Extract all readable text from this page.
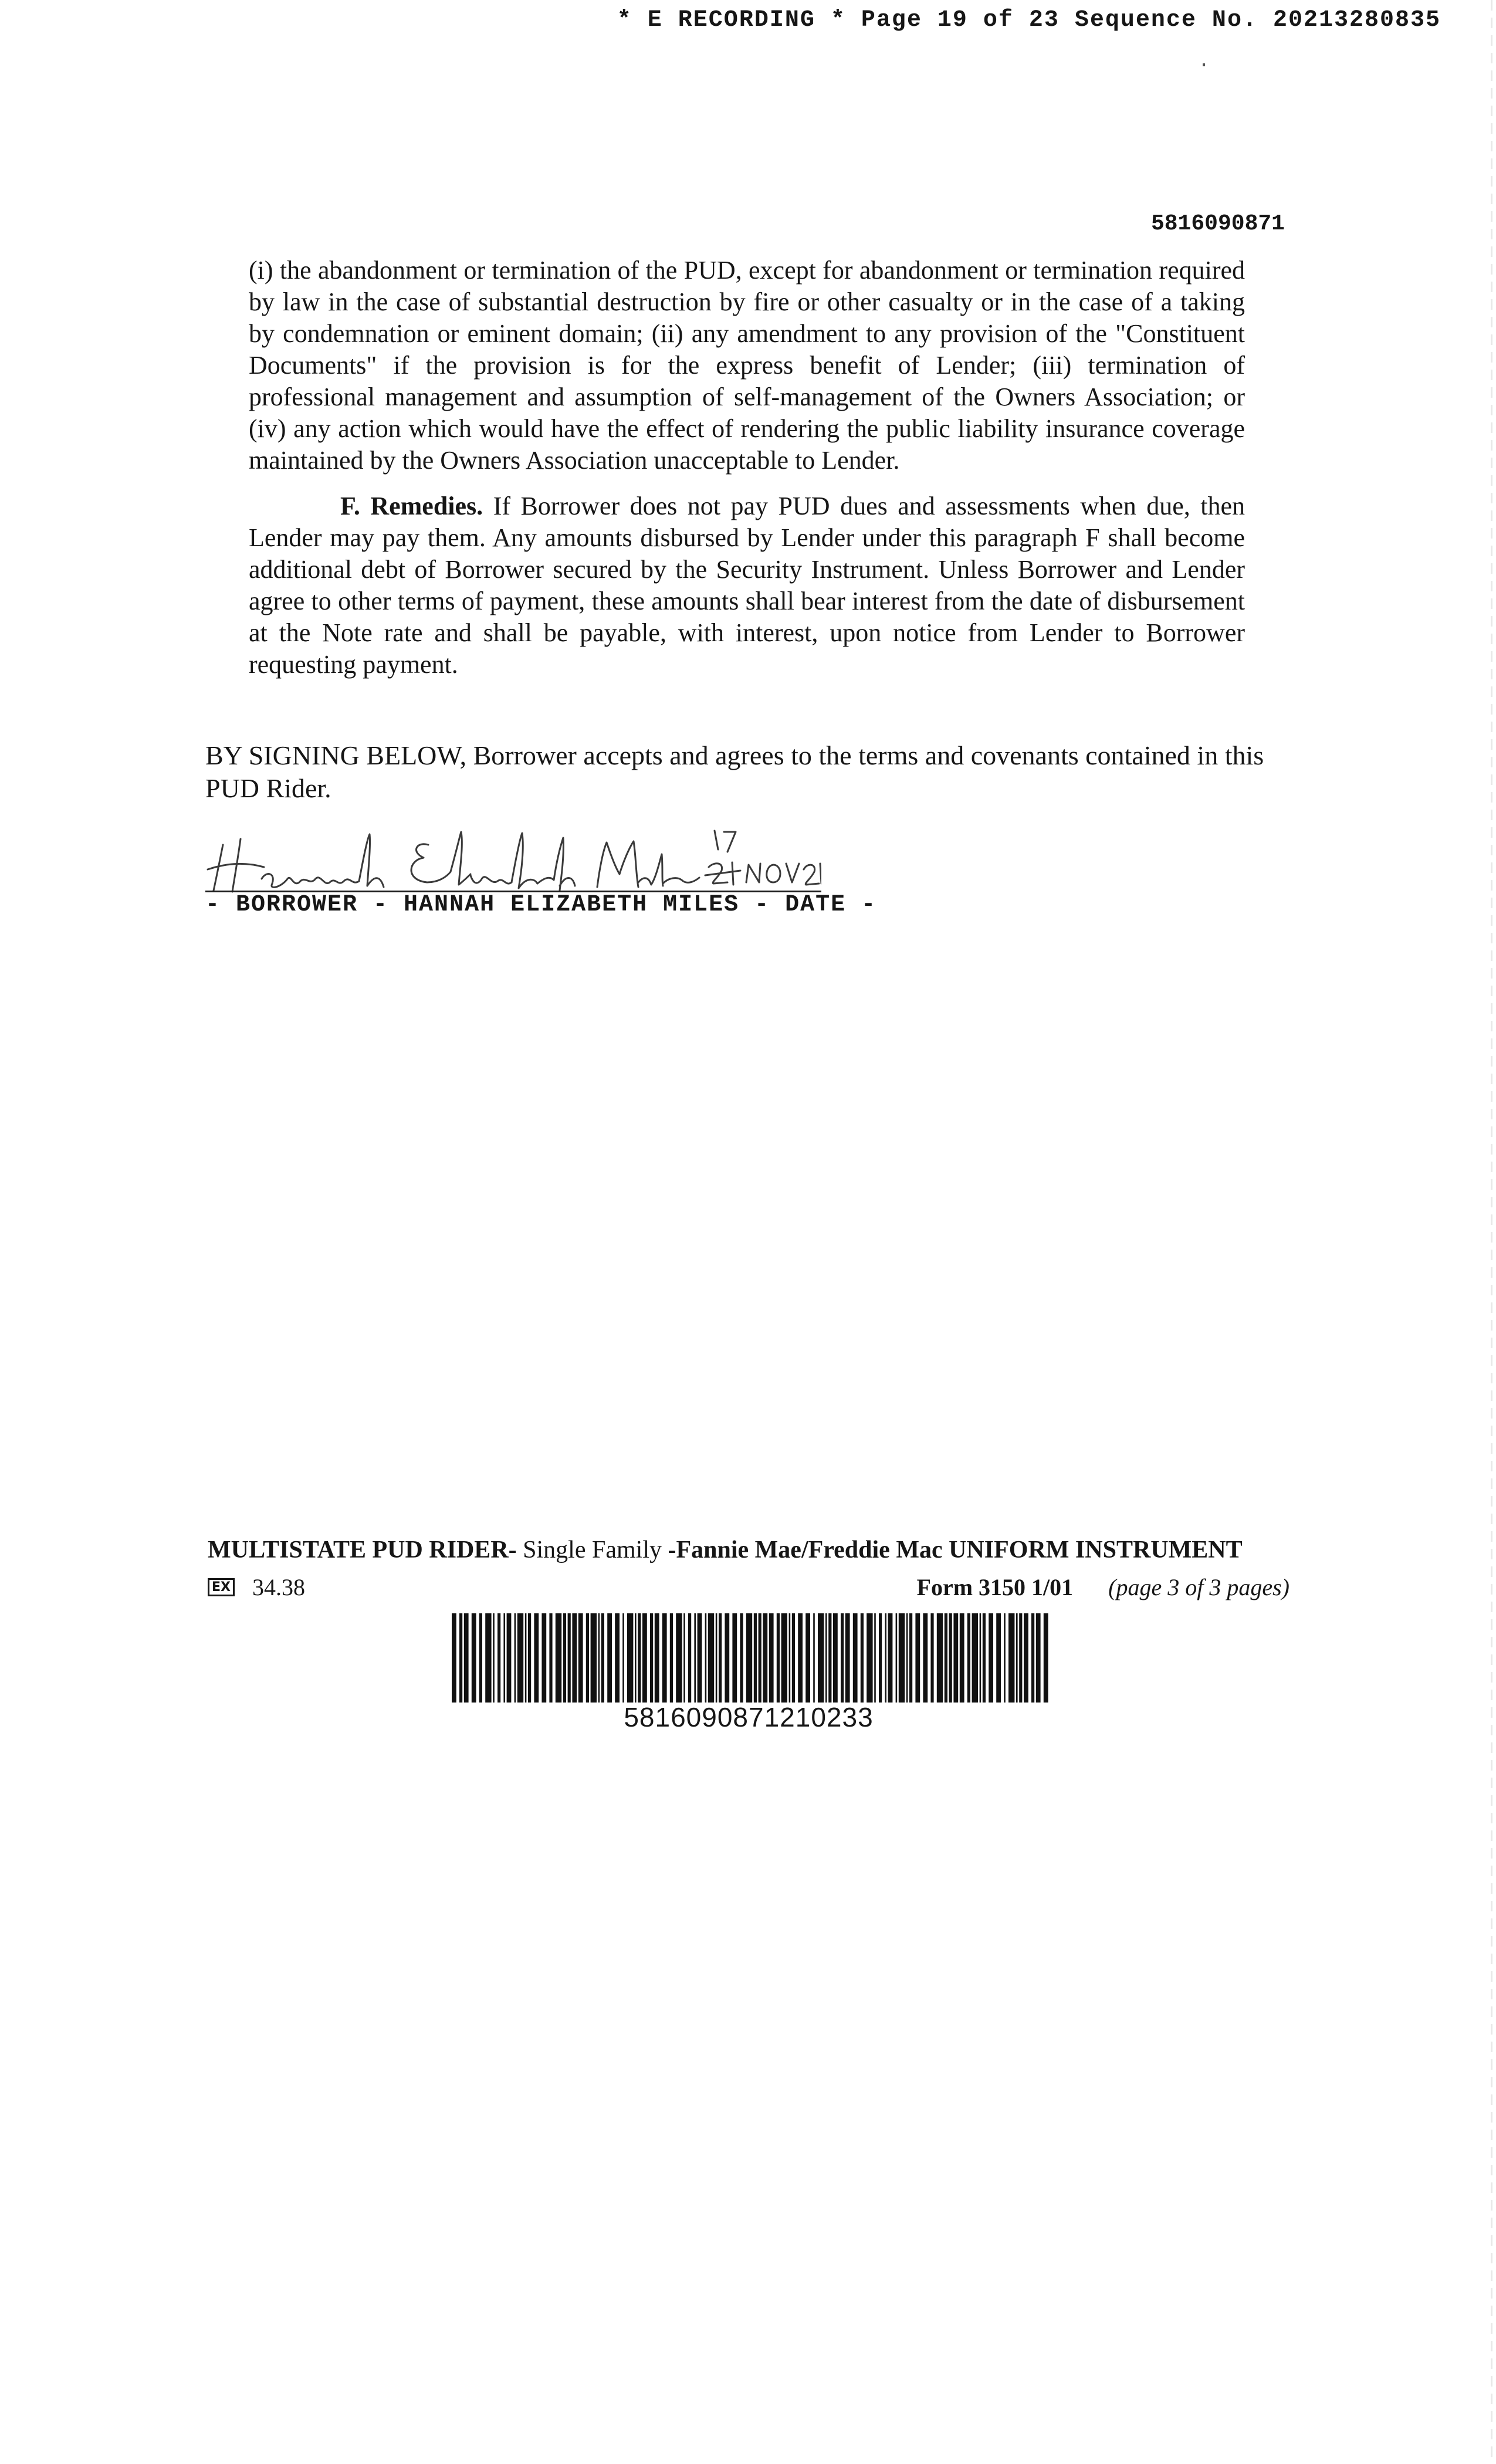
* E RECORDING * Page 19 of 23 Sequence No. 20213280835
5816090871
(i) the abandonment or termination of the PUD, except for abandonment or termination required by law in the case of substantial destruction by fire or other casualty or in the case of a taking by condemnation or eminent domain; (ii) any amendment to any provision of the "Constituent Documents" if the provision is for the express benefit of Lender; (iii) termination of professional management and assumption of self-management of the Owners Association; or (iv) any action which would have the effect of rendering the public liability insurance coverage maintained by the Owners Association unacceptable to Lender.
F. Remedies. If Borrower does not pay PUD dues and assessments when due, then Lender may pay them. Any amounts disbursed by Lender under this paragraph F shall become additional debt of Borrower secured by the Security Instrument. Unless Borrower and Lender agree to other terms of payment, these amounts shall bear interest from the date of disbursement at the Note rate and shall be payable, with interest, upon notice from Lender to Borrower requesting payment.
BY SIGNING BELOW, Borrower accepts and agrees to the terms and covenants contained in this PUD Rider.
- BORROWER - HANNAH ELIZABETH MILES - DATE -
MULTISTATE PUD RIDER- Single Family -Fannie Mae/Freddie Mac UNIFORM INSTRUMENT
EX 34.38	Form 3150 1/01 (page 3 of 3 pages)
5816090871210233
